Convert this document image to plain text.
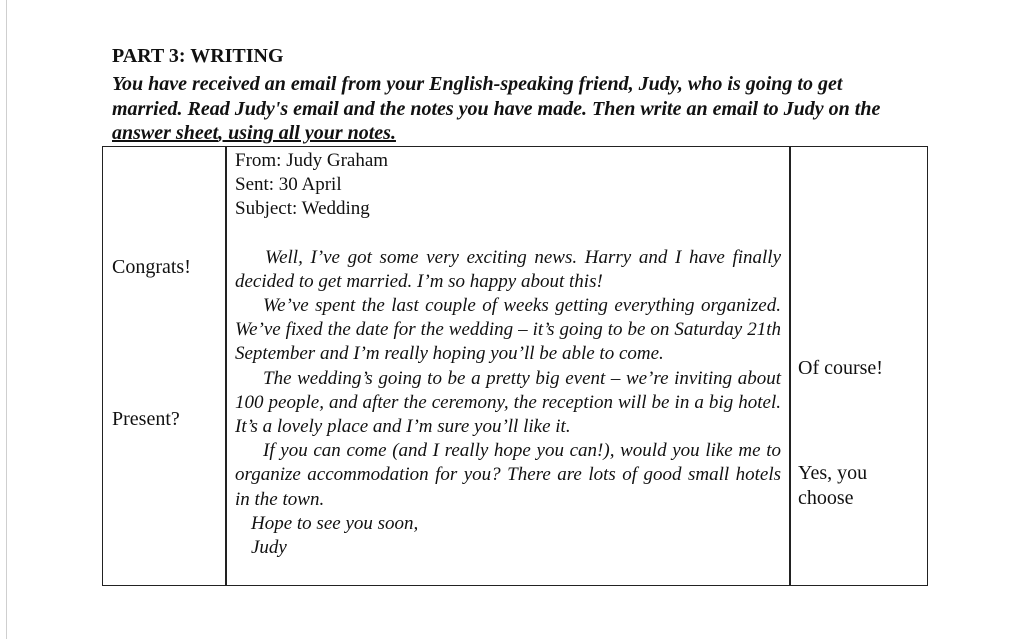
PART 3: WRITING
You have received an email from your English-speaking friend, Judy, who is going to get
married. Read Judy's email and the notes you have made. Then write an email to Judy on the
answer sheet, using all your notes.
Congrats!
Present?
Of course!
Yes, you
choose
From: Judy Graham
Sent: 30 April
Subject: Wedding
Well, I’ve got some very exciting news. Harry and I have finally decided to get married. I’m so happy about this!
We’ve spent the last couple of weeks getting everything organized. We’ve fixed the date for the wedding – it’s going to be on Saturday 21th September and I’m really hoping you’ll be able to come.
The wedding’s going to be a pretty big event – we’re inviting about 100 people, and after the ceremony, the reception will be in a big hotel. It’s a lovely place and I’m sure you’ll like it.
If you can come (and I really hope you can!), would you like me to organize accommodation for you? There are lots of good small hotels in the town.
Hope to see you soon,
Judy
